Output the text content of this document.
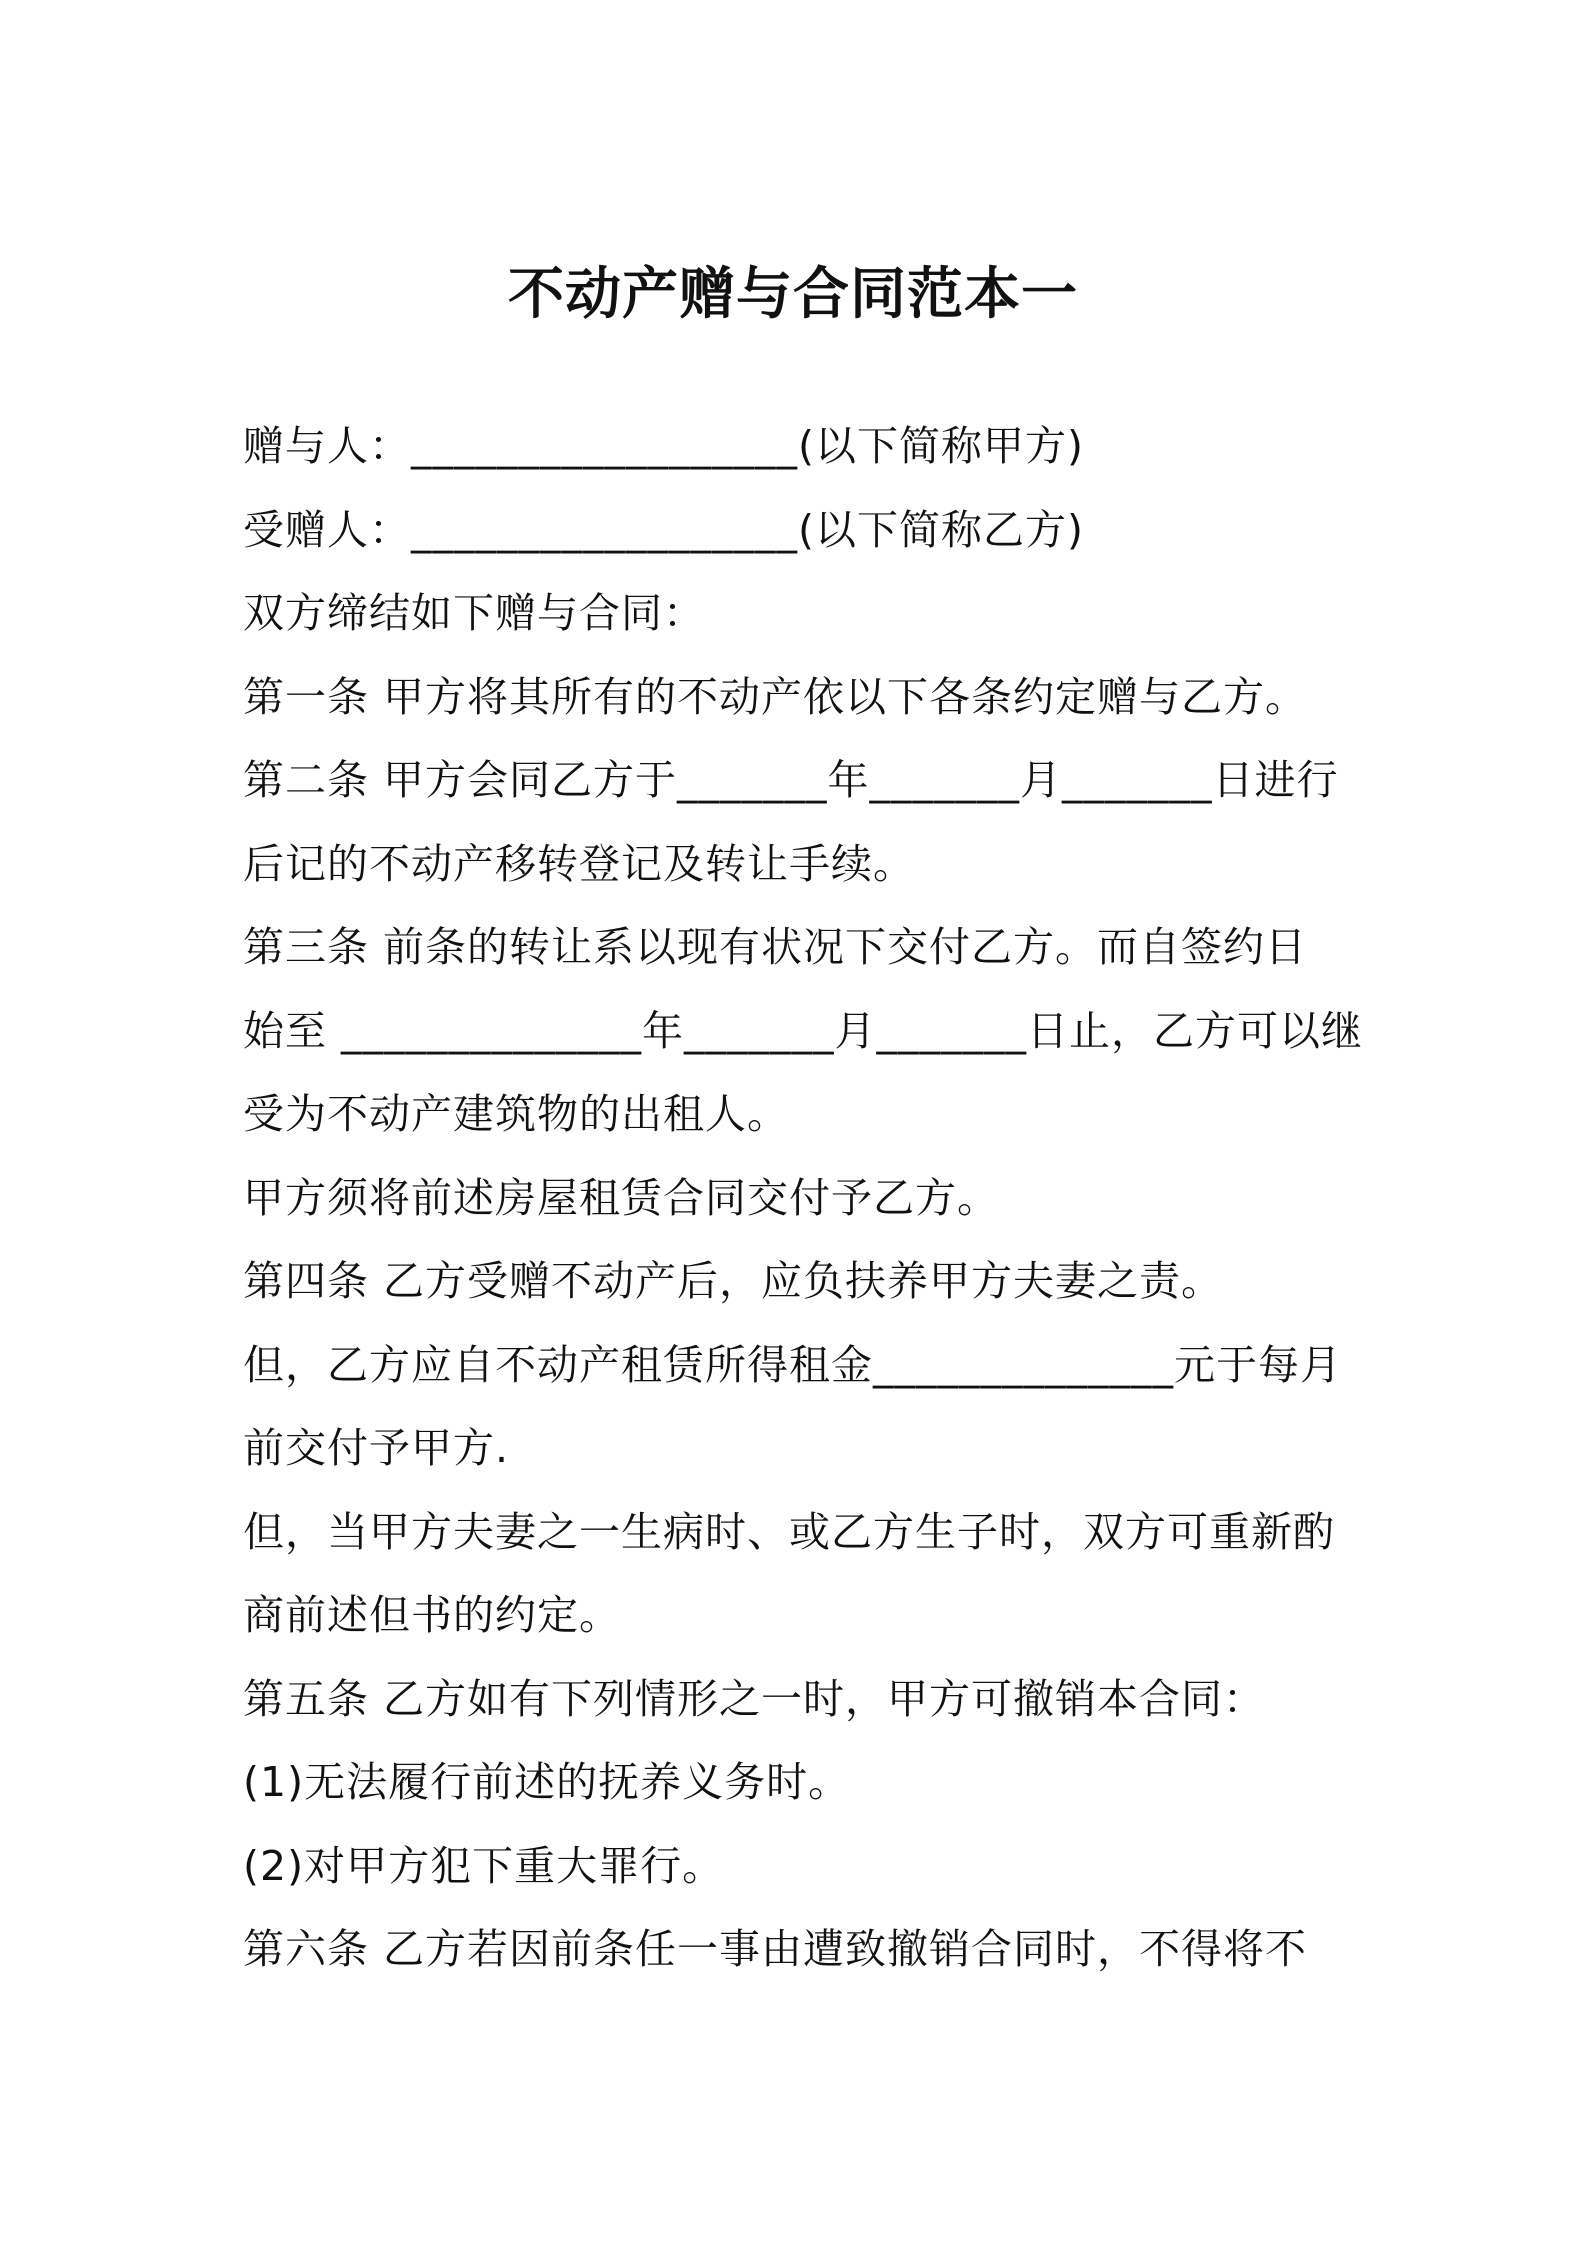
不动产赠与合同范本一

赠与人：__________________(以下简称甲方)

受赠人：__________________(以下简称乙方)

双方缔结如下赠与合同：

第一条 甲方将其所有的不动产依以下各条约定赠与乙方。

第二条 甲方会同乙方于_______年_______月_______日进行

后记的不动产移转登记及转让手续。

第三条 前条的转让系以现有状况下交付乙方。而自签约日

始至 ______________年_______月_______日止，乙方可以继

受为不动产建筑物的出租人。

甲方须将前述房屋租赁合同交付予乙方。

第四条 乙方受赠不动产后，应负扶养甲方夫妻之责。

但，乙方应自不动产租赁所得租金______________元于每月

前交付予甲方.

但，当甲方夫妻之一生病时、或乙方生子时，双方可重新酌

商前述但书的约定。

第五条 乙方如有下列情形之一时，甲方可撤销本合同：

(1)无法履行前述的抚养义务时。

(2)对甲方犯下重大罪行。

第六条 乙方若因前条任一事由遭致撤销合同时，不得将不
